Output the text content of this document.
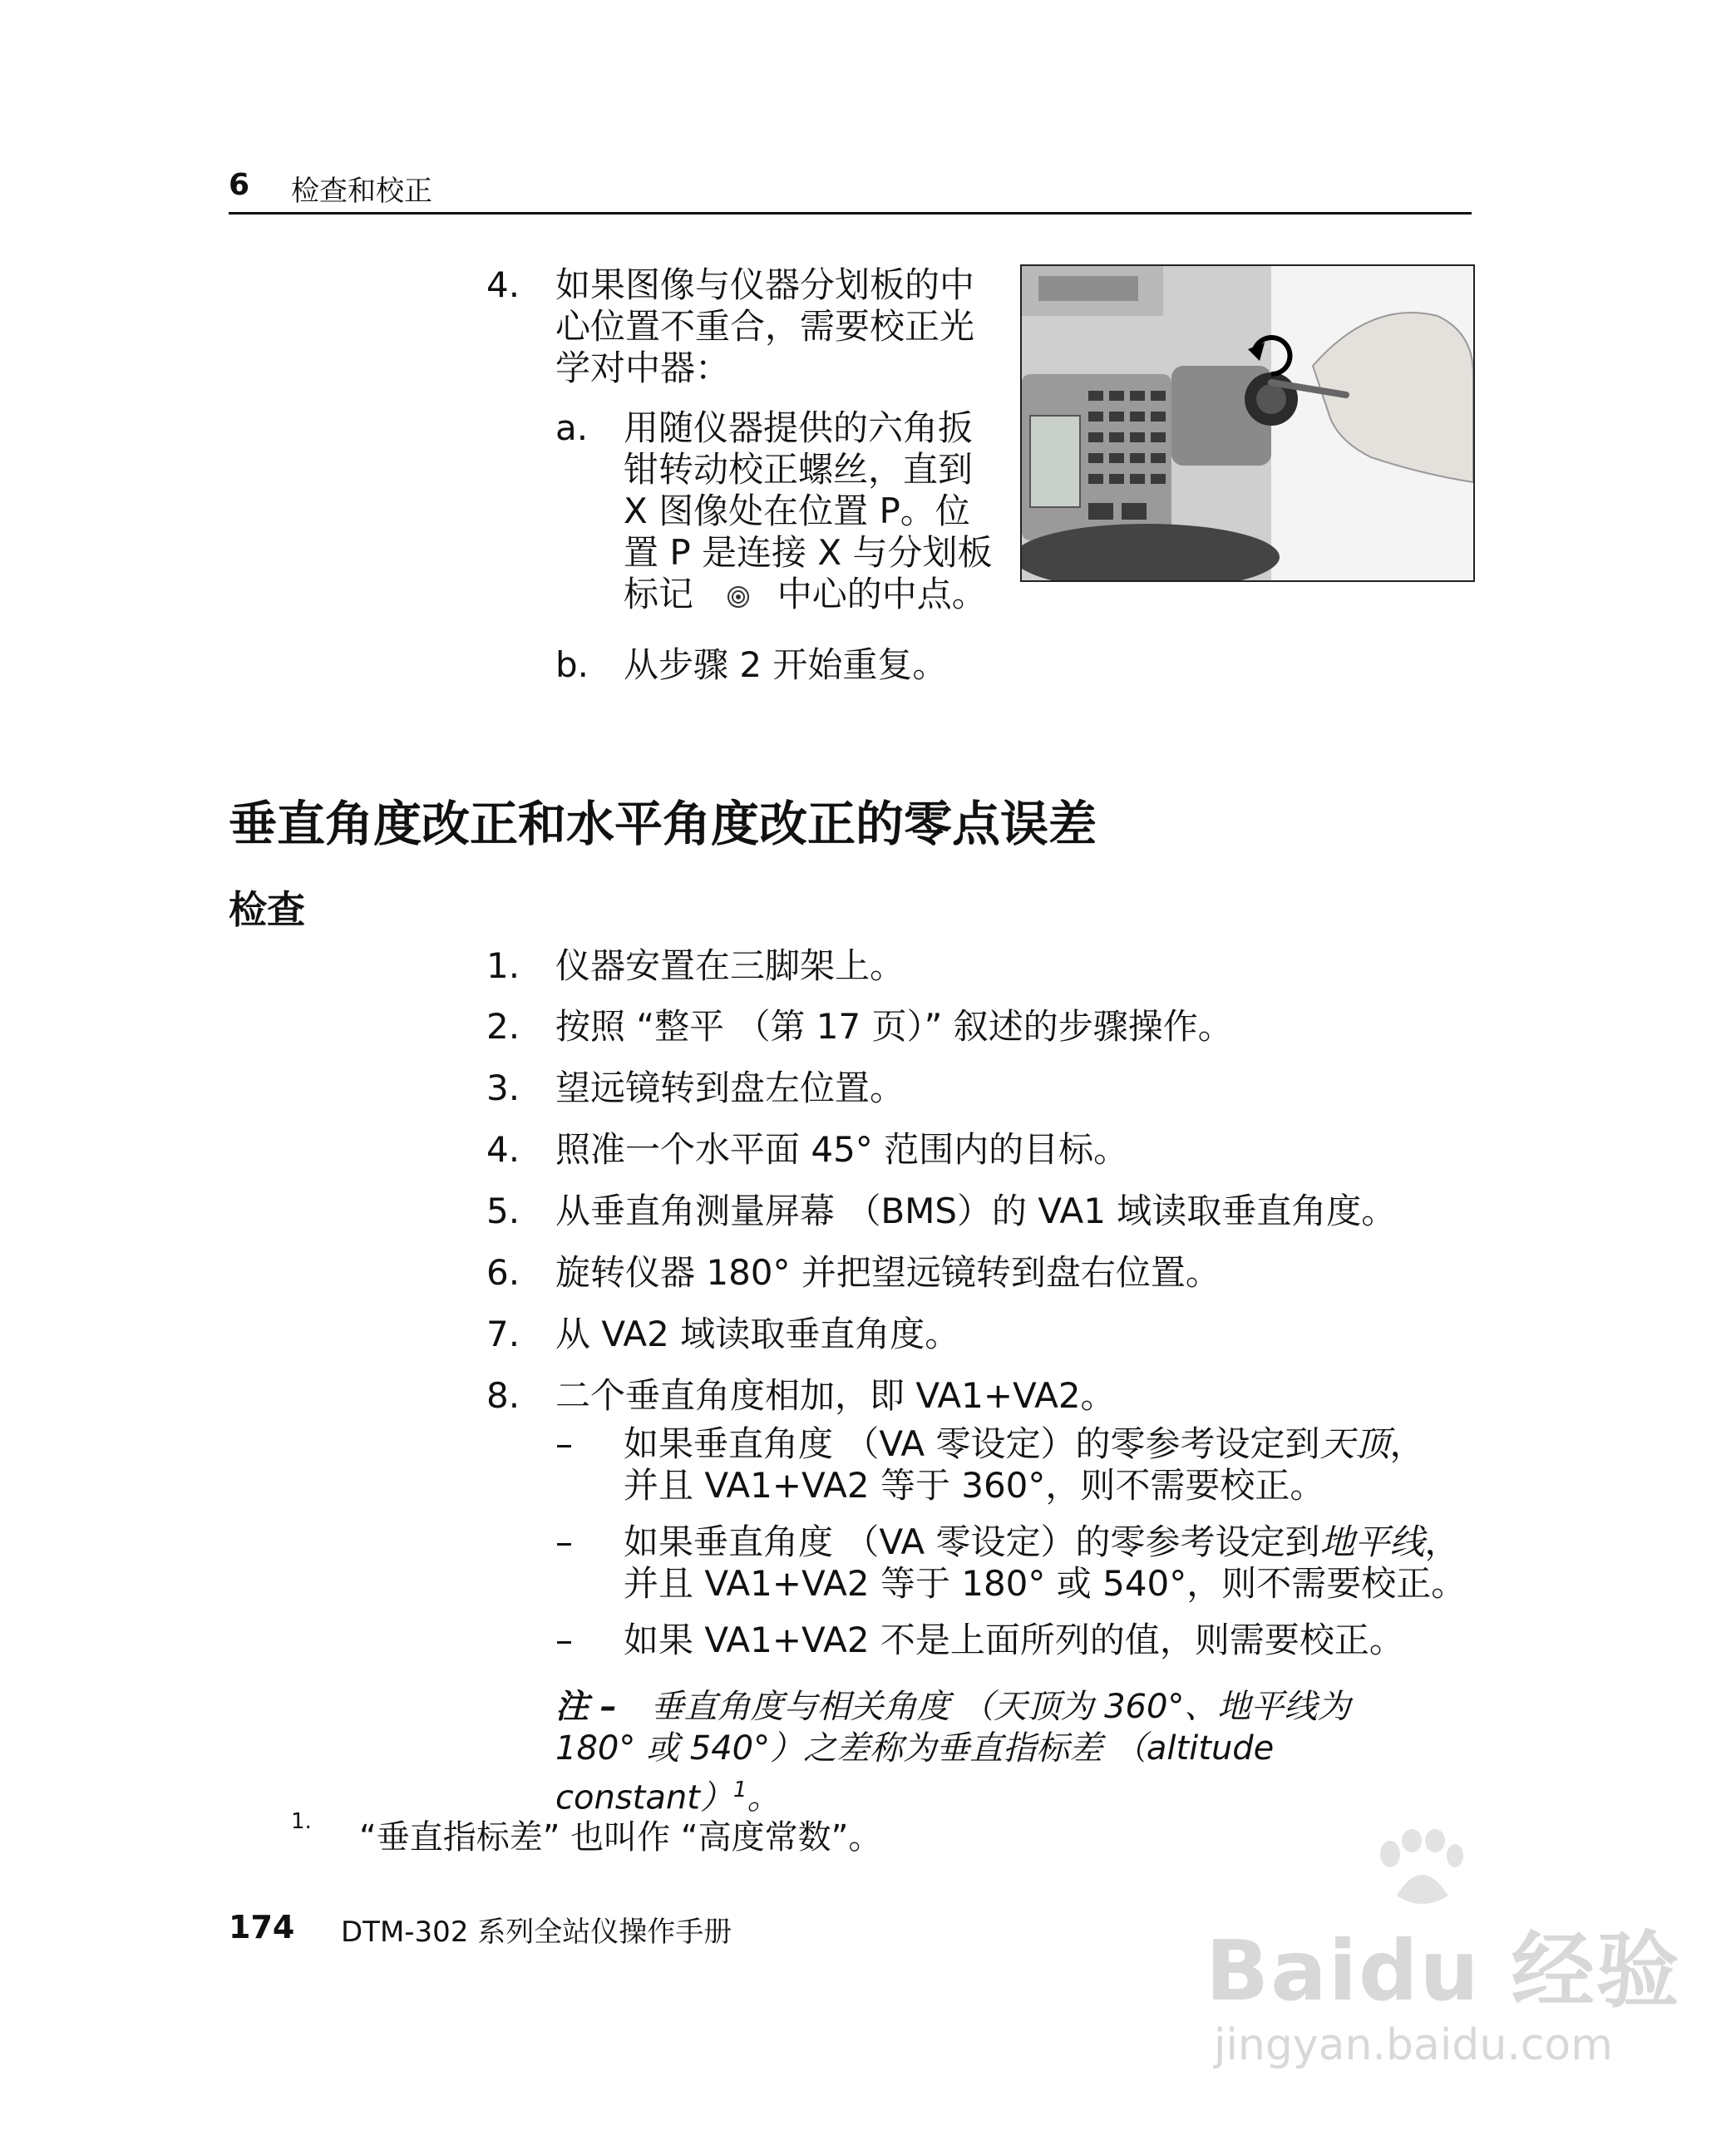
6 检查和校正
4.	如果图像与仪器分划板的中
心位置不重合，需要校正光
学对中器：
a.	用随仪器提供的六角扳
钳转动校正螺丝，直到
X 图像处在位置 P。位
置 P 是连接 X 与分划板
标记 中心的中点。
b. 从步骤 2 开始重复。
垂直角度改正和水平角度改正的零点误差
检查
1.	仪器安置在三脚架上。
2.	按照 “整平 （第 17 页）” 叙述的步骤操作。
3.	望远镜转到盘左位置。
4.	照准一个水平面 45° 范围内的目标。
5.	从垂直角测量屏幕 （BMS）的 VA1 域读取垂直角度。
6.	旋转仪器 180° 并把望远镜转到盘右位置。
7.	从 VA2 域读取垂直角度。
8.	二个垂直角度相加，即 VA1+VA2。
– 如果垂直角度 （VA 零设定）的零参考设定到天顶，
并且 VA1+VA2 等于 360°，则不需要校正。
– 如果垂直角度 （VA 零设定）的零参考设定到地平线，
并且 VA1+VA2 等于 180° 或 540°，则不需要校正。
– 如果 VA1+VA2 不是上面所列的值，则需要校正。
注 – 垂直角度与相关角度 （天顶为 360°、地平线为
180° 或 540°）之差称为垂直指标差 （altitude
constant）$^1$。
1. “垂直指标差” 也叫作 “高度常数”。
174 DTM-302 系列全站仪操作手册	Baidu 经验
jingyan.baidu.com
